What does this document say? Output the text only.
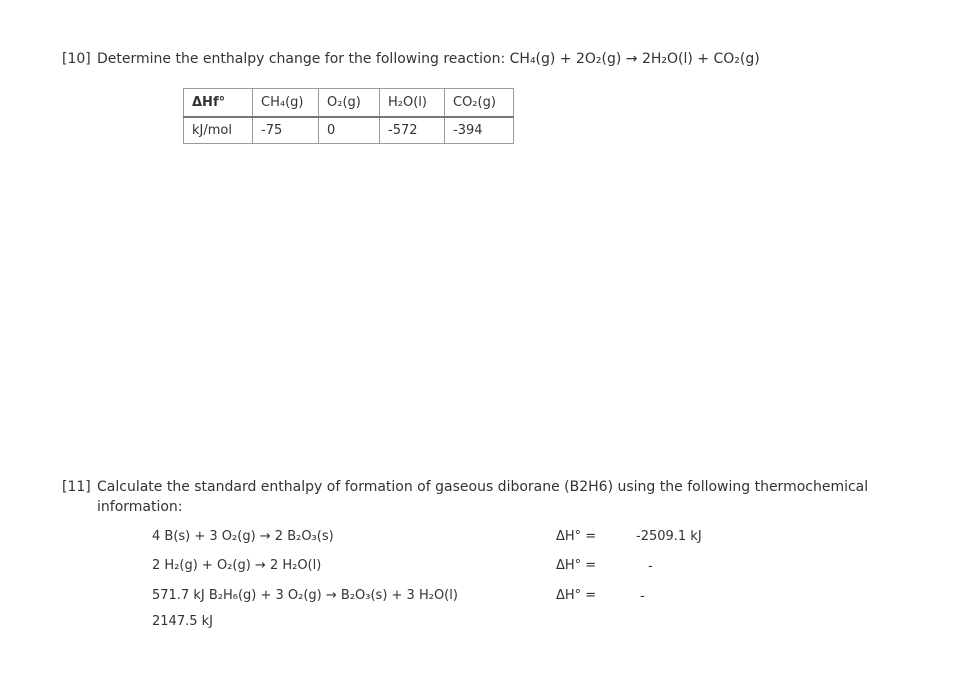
[10] Determine the enthalpy change for the following reaction: CH₄(g) + 2O₂(g) → 2H₂O(l) + CO₂(g)
ΔHf°	CH₄(g)	O₂(g)	H₂O(l)	CO₂(g)
kJ/mol	-75	0	-572	-394
[11] Calculate the standard enthalpy of formation of gaseous diborane (B2H6) using the following thermochemical
information:
4 B(s) + 3 O₂(g) → 2 B₂O₃(s)	ΔH° =	-2509.1 kJ
2 H₂(g) + O₂(g) → 2 H₂O(l)	ΔH° =	-
571.7 kJ B₂H₆(g) + 3 O₂(g) → B₂O₃(s) + 3 H₂O(l)	ΔH° =	-
2147.5 kJ
